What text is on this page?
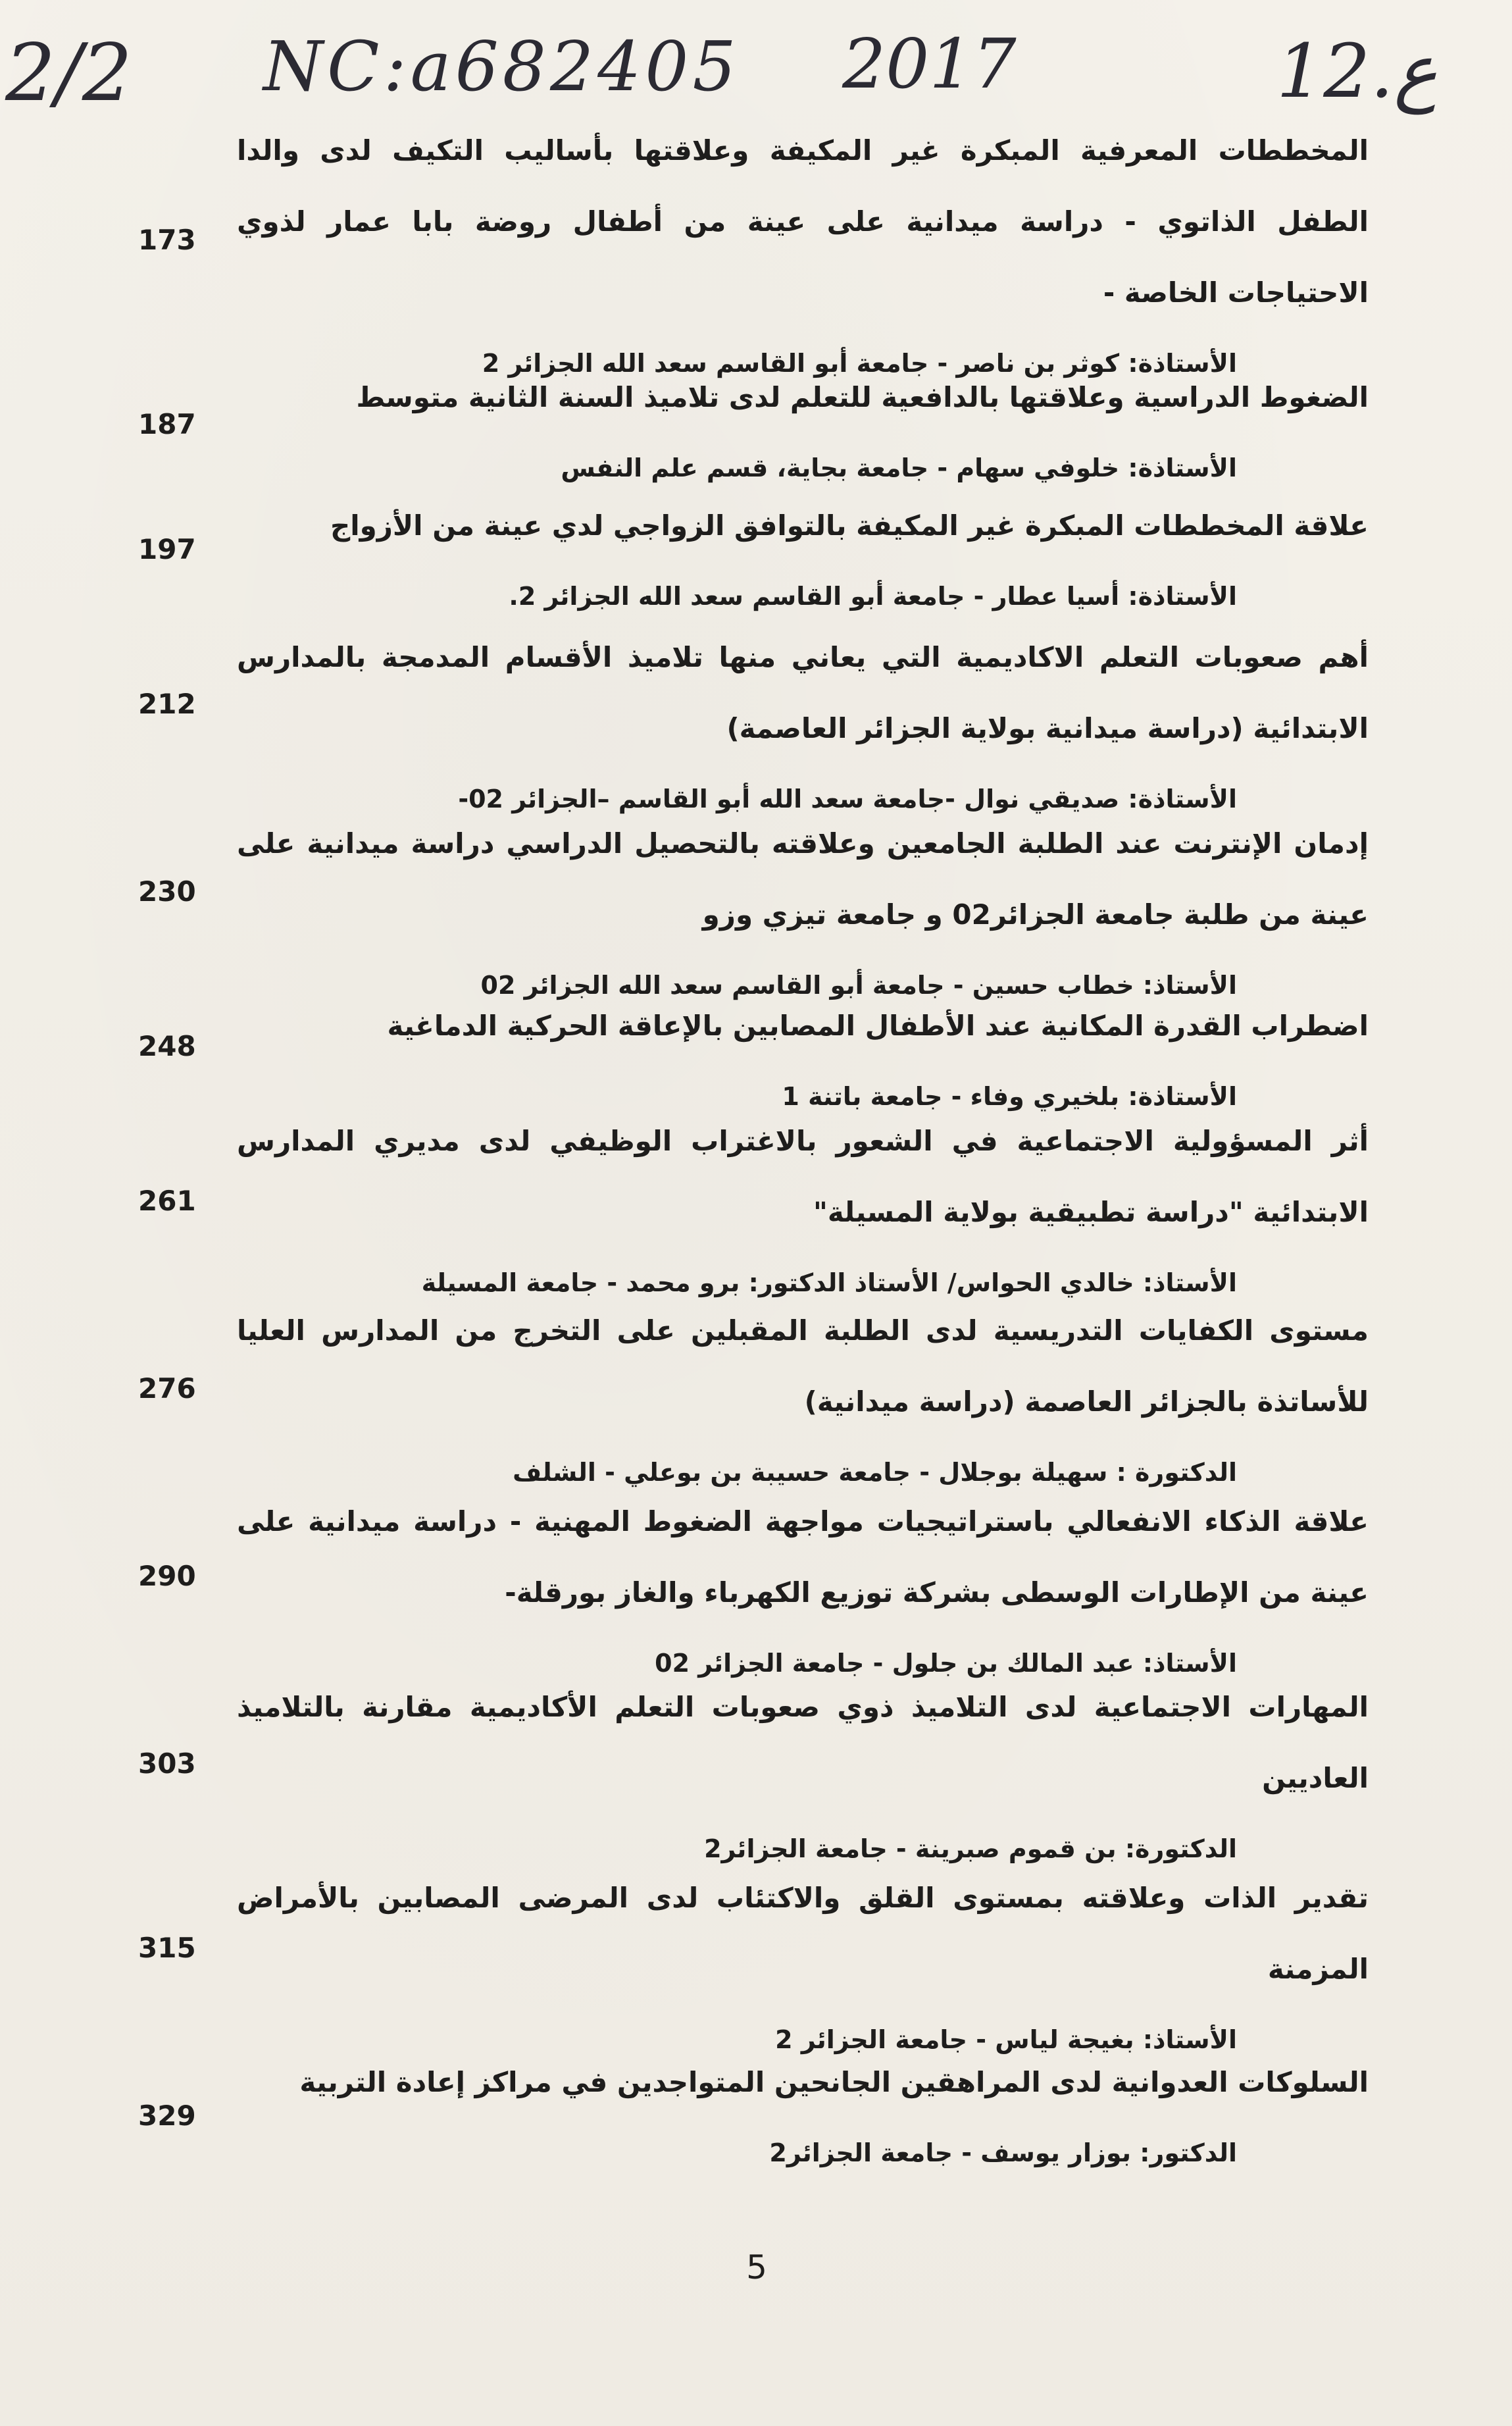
2/2 NC:a682405 2017	12.ع
المخططات المعرفية المبكرة غير المكيفة وعلاقتها بأساليب التكيف لدى والدا الطفل الذاتوي - دراسة ميدانية على عينة من أطفال روضة بابا عمار لذوي الاحتياجات الخاصة -
الأستاذة: كوثر بن ناصر - جامعة أبو القاسم سعد الله الجزائر 2
173
الضغوط الدراسية وعلاقتها بالدافعية للتعلم لدى تلاميذ السنة الثانية متوسط
الأستاذة: خلوفي سهام - جامعة بجاية، قسم علم النفس
187
علاقة المخططات المبكرة غير المكيفة بالتوافق الزواجي لدي عينة من الأزواج
الأستاذة: أسيا عطار - جامعة أبو القاسم سعد الله الجزائر 2.
197
أهم صعوبات التعلم الاكاديمية التي يعاني منها تلاميذ الأقسام المدمجة بالمدارس الابتدائية (دراسة ميدانية بولاية الجزائر العاصمة)
الأستاذة: صديقي نوال -جامعة سعد الله أبو القاسم –الجزائر 02-
212
إدمان الإنترنت عند الطلبة الجامعين وعلاقته بالتحصيل الدراسي دراسة ميدانية على عينة من طلبة جامعة الجزائر02 و جامعة تيزي وزو
الأستاذ: خطاب حسين - جامعة أبو القاسم سعد الله الجزائر 02
230
اضطراب القدرة المكانية عند الأطفال المصابين بالإعاقة الحركية الدماغية
الأستاذة: بلخيري وفاء - جامعة باتنة 1
248
أثر المسؤولية الاجتماعية في الشعور بالاغتراب الوظيفي لدى مديري المدارس الابتدائية "دراسة تطبيقية بولاية المسيلة"
الأستاذ: خالدي الحواس/ الأستاذ الدكتور: برو محمد - جامعة المسيلة
261
مستوى الكفايات التدريسية لدى الطلبة المقبلين على التخرج من المدارس العليا للأساتذة بالجزائر العاصمة (دراسة ميدانية)
الدكتورة : سهيلة بوجلال - جامعة حسيبة بن بوعلي - الشلف
276
علاقة الذكاء الانفعالي باستراتيجيات مواجهة الضغوط المهنية - دراسة ميدانية على عينة من الإطارات الوسطى بشركة توزيع الكهرباء والغاز بورقلة-
الأستاذ: عبد المالك بن جلول - جامعة الجزائر 02
290
المهارات الاجتماعية لدى التلاميذ ذوي صعوبات التعلم الأكاديمية مقارنة بالتلاميذ العاديين
الدكتورة: بن قموم صبرينة - جامعة الجزائر2
303
تقدير الذات وعلاقته بمستوى القلق والاكتئاب لدى المرضى المصابين بالأمراض المزمنة
الأستاذ: بغيجة لياس - جامعة الجزائر 2
315
السلوكات العدوانية لدى المراهقين الجانحين المتواجدين في مراكز إعادة التربية
الدكتور: بوزار يوسف - جامعة الجزائر2
329
5
